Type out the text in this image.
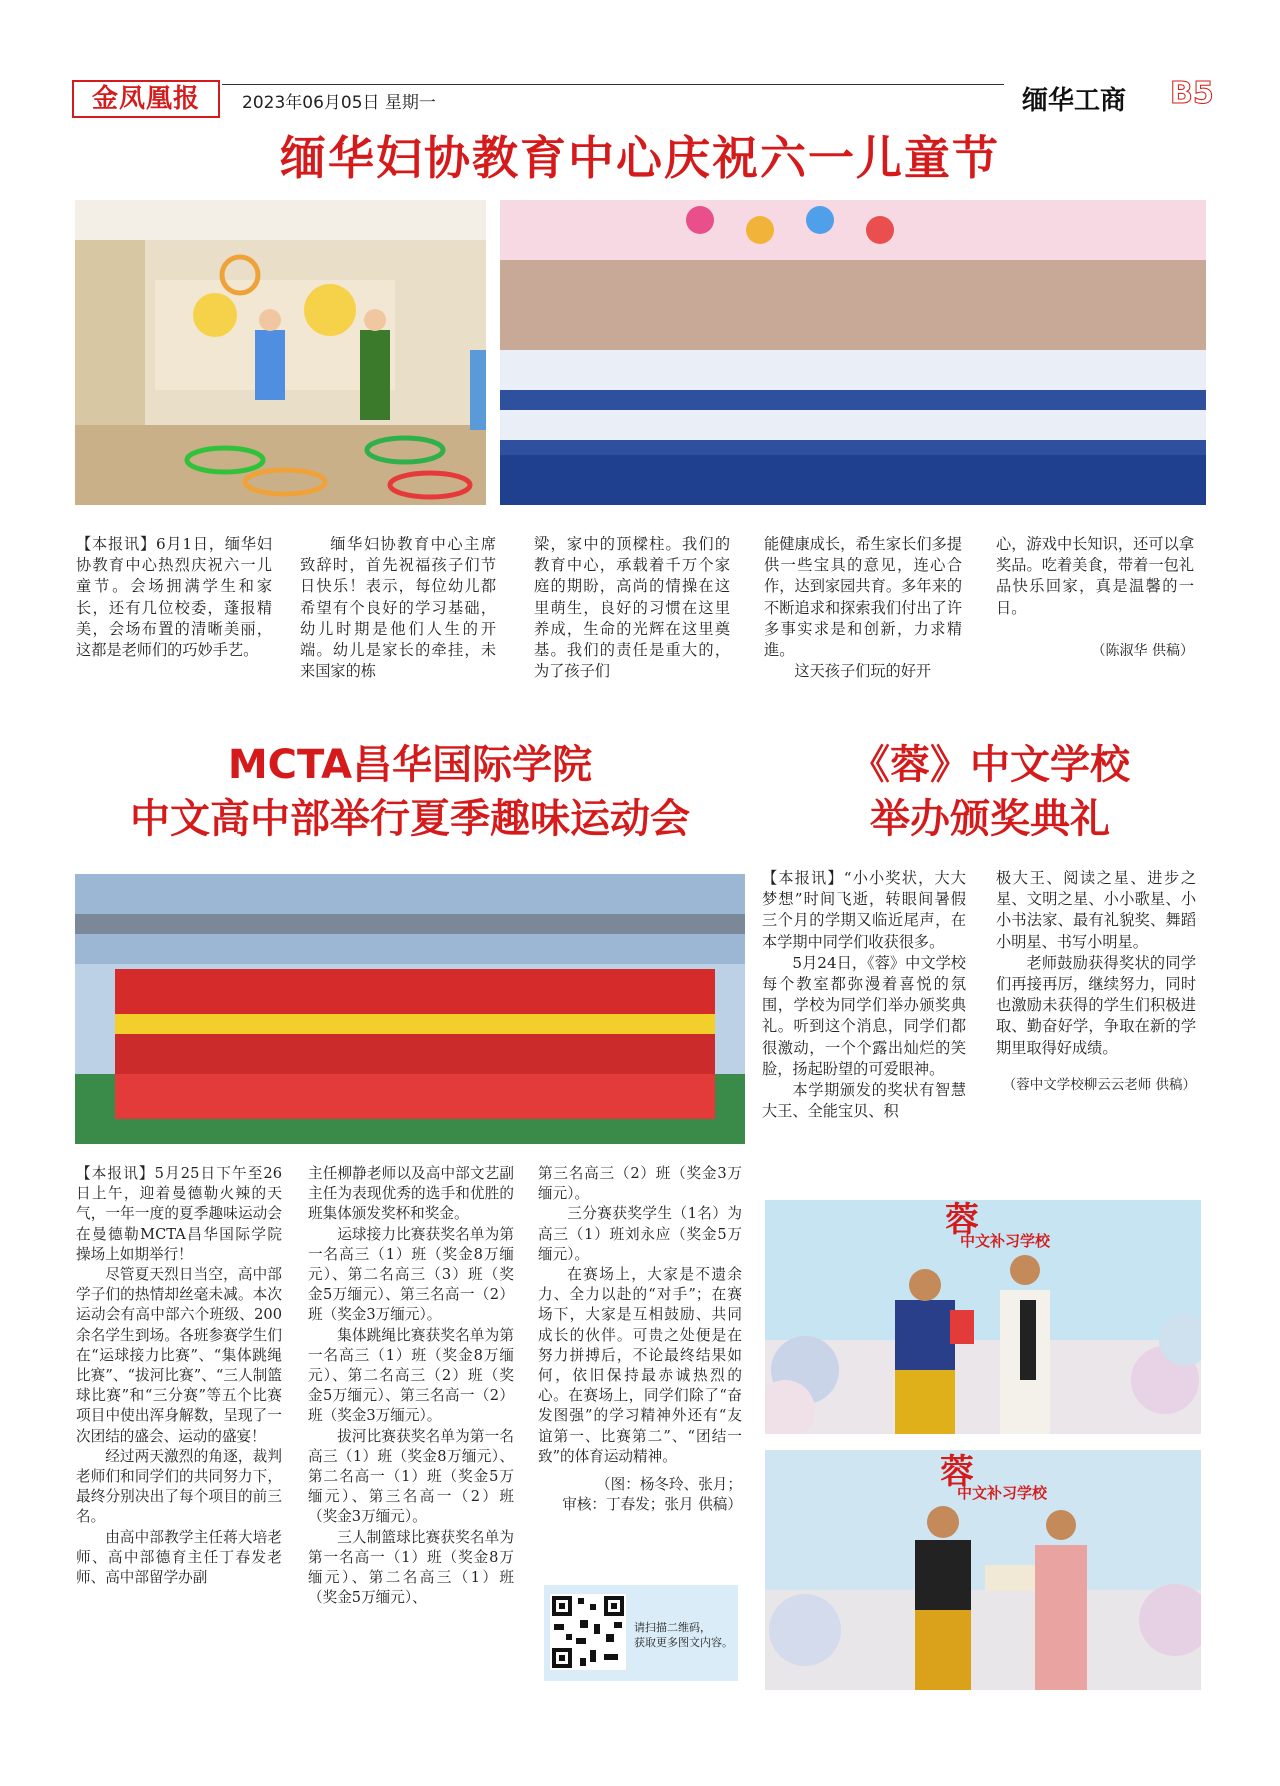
金凤凰报	2023年06月05日 星期一	缅华工商 B5
缅华妇协教育中心庆祝六一儿童节

【本报讯】6月1日，缅华妇协教育中心热烈庆祝六一儿童节。会场拥满学生和家长，还有几位校委，蓬报精美，会场布置的清晰美丽，这都是老师们的巧妙手艺。

缅华妇协教育中心主席致辞时，首先祝福孩子们节日快乐！表示，每位幼儿都希望有个良好的学习基础，幼儿时期是他们人生的开端。幼儿是家长的牵挂，未来国家的栋

梁，家中的顶樑柱。我们的教育中心，承载着千万个家庭的期盼，高尚的情操在这里萌生，良好的习惯在这里养成，生命的光辉在这里奠基。我们的责任是重大的，为了孩子们

能健康成长，希生家长们多提供一些宝具的意见，连心合作，达到家园共育。多年来的不断追求和探索我们付出了许多事实求是和创新，力求精進。

这天孩子们玩的好开

心，游戏中长知识，还可以拿奖品。吃着美食，带着一包礼品快乐回家，真是温馨的一日。

（陈淑华 供稿）

MCTA昌华国际学院
中文高中部举行夏季趣味运动会
《蓉》中文学校
举办颁奖典礼

【本报讯】5月25日下午至26日上午，迎着曼德勒火辣的天气，一年一度的夏季趣味运动会在曼德勒MCTA昌华国际学院操场上如期举行！

尽管夏天烈日当空，高中部学子们的热情却丝毫未减。本次运动会有高中部六个班级、200余名学生到场。各班参赛学生们在“运球接力比赛”、“集体跳绳比赛”、“拔河比赛”、“三人制篮球比赛”和“三分赛”等五个比赛项目中使出浑身解数，呈现了一次团结的盛会、运动的盛宴！

经过两天激烈的角逐，裁判老师们和同学们的共同努力下，最终分别决出了每个项目的前三名。

由高中部教学主任蒋大培老师、高中部德育主任丁春发老师、高中部留学办副

主任柳静老师以及高中部文艺副主任为表现优秀的选手和优胜的班集体颁发奖杯和奖金。

运球接力比赛获奖名单为第一名高三（1）班（奖金8万缅元）、第二名高三（3）班（奖金5万缅元）、第三名高一（2）班（奖金3万缅元）。

集体跳绳比赛获奖名单为第一名高三（1）班（奖金8万缅元）、第二名高三（2）班（奖金5万缅元）、第三名高一（2）班（奖金3万缅元）。

拔河比赛获奖名单为第一名高三（1）班（奖金8万缅元）、第二名高一（1）班（奖金5万缅元）、第三名高一（2）班（奖金3万缅元）。

三人制篮球比赛获奖名单为第一名高一（1）班（奖金8万缅元）、第二名高三（1）班（奖金5万缅元）、

第三名高三（2）班（奖金3万缅元）。

三分赛获奖学生（1名）为高三（1）班刘永应（奖金5万缅元）。

在赛场上，大家是不遗余力、全力以赴的“对手”；在赛场下，大家是互相鼓励、共同成长的伙伴。可贵之处便是在努力拼搏后，不论最终结果如何，依旧保持最赤诚热烈的心。在赛场上，同学们除了“奋发图强”的学习精神外还有“友谊第一、比赛第二”、“团结一致”的体育运动精神。

（图：杨冬玲、张月；

审核：丁春发；张月 供稿）

请扫描二维码，
获取更多图文内容。

【本报讯】“小小奖状，大大梦想”时间飞逝，转眼间暑假三个月的学期又临近尾声，在本学期中同学们收获很多。

5月24日，《蓉》中文学校每个教室都弥漫着喜悦的氛围，学校为同学们举办颁奖典礼。听到这个消息，同学们都很激动，一个个露出灿烂的笑脸，扬起盼望的可爱眼神。

本学期颁发的奖状有智慧大王、全能宝贝、积

极大王、阅读之星、进步之星、文明之星、小小歌星、小小书法家、最有礼貌奖、舞蹈小明星、书写小明星。

老师鼓励获得奖状的同学们再接再厉，继续努力，同时也激励未获得的学生们积极进取、勤奋好学，争取在新的学期里取得好成绩。

（蓉中文学校柳云云老师 供稿）

蓉
中文补习学校
蓉
中文补习学校
